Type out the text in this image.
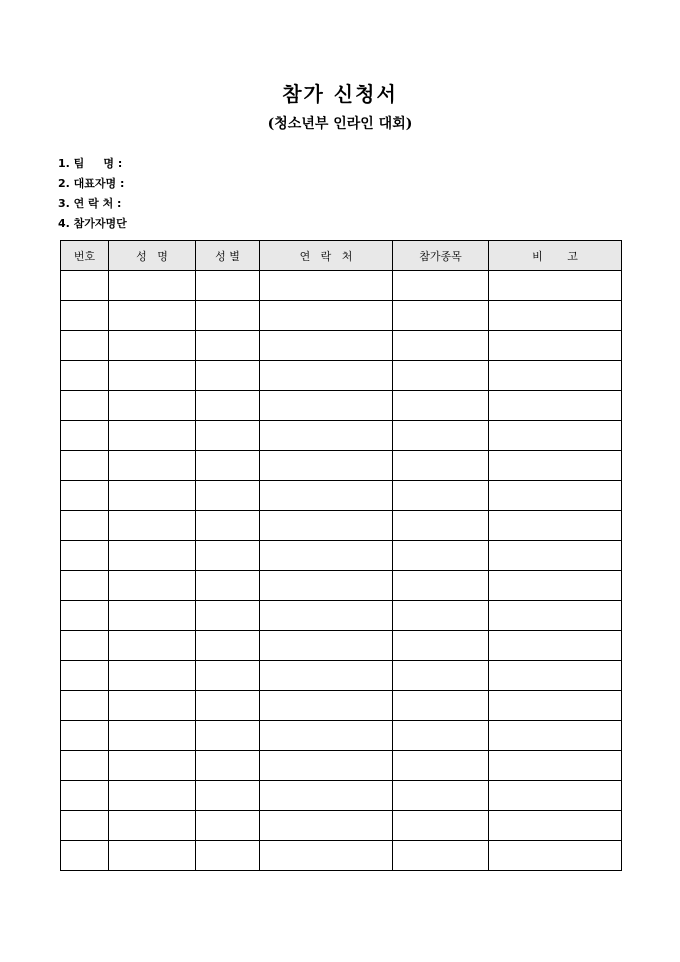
참가 신청서
(청소년부 인라인 대회)
1. 팀     명 :
2. 대표자명 :
3. 연 락 처 :
4. 참가자명단
번호	성   명	성 별	연   락   처	참가종목	비       고
